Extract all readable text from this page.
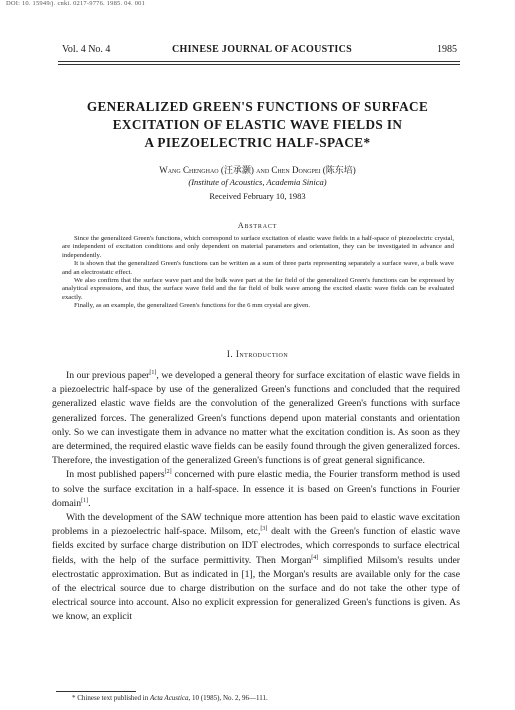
DOI: 10. 15949/j. cnki. 0217-9776. 1985. 04. 001
Vol. 4 No. 4	CHINESE JOURNAL OF ACOUSTICS	1985
GENERALIZED GREEN'S FUNCTIONS OF SURFACE
EXCITATION OF ELASTIC WAVE FIELDS IN
A PIEZOELECTRIC HALF-SPACE*
Wang Chenghao (汪承灏) and Chen Dongpei (陈东培)
(Institute of Acoustics, Academia Sinica)
Received February 10, 1983
Abstract

Since the generalized Green's functions, which correspond to surface excitation of elastic wave fields in a half-space of piezoelectric crystal, are independent of excitation conditions and only dependent on material parameters and orientation, they can be investigated in advance and independently.

It is shown that the generalized Green's functions can be written as a sum of three parts representing separately a surface wave, a bulk wave and an electrostatic effect.

We also confirm that the surface wave part and the bulk wave part at the far field of the generalized Green's functions can be expressed by analytical expressions, and thus, the surface wave field and the far field of bulk wave among the excited elastic wave fields can be evaluated exactly.

Finally, as an example, the generalized Green's functions for the 6 mm crystal are given.

I. Introduction

In our previous paper[1], we developed a general theory for surface excitation of elastic wave fields in a piezoelectric half-space by use of the generalized Green's functions and concluded that the required generalized elastic wave fields are the convolution of the generalized Green's functions with surface generalized forces. The generalized Green's functions depend upon material constants and orientation only. So we can investigate them in advance no matter what the excitation condition is. As soon as they are determined, the required elastic wave fields can be easily found through the given generalized forces. Therefore, the investigation of the generalized Green's functions is of great general significance.

In most published papers[2] concerned with pure elastic media, the Fourier transform method is used to solve the surface excitation in a half-space. In essence it is based on Green's functions in Fourier domain[1].

With the development of the SAW technique more attention has been paid to elastic wave excitation problems in a piezoelectric half-space. Milsom, etc,[3] dealt with the Green's function of elastic wave fields excited by surface charge distribution on IDT electrodes, which corresponds to surface electrical fields, with the help of the surface permittivity. Then Morgan[4] simplified Milsom's results under electrostatic approximation. But as indicated in [1], the Morgan's results are available only for the case of the electrical source due to charge distribution on the surface and do not take the other type of electrical source into account. Also no explicit expression for generalized Green's functions is given. As we know, an explicit

* Chinese text published in Acta Acustica, 10 (1985), No. 2, 96—111.
